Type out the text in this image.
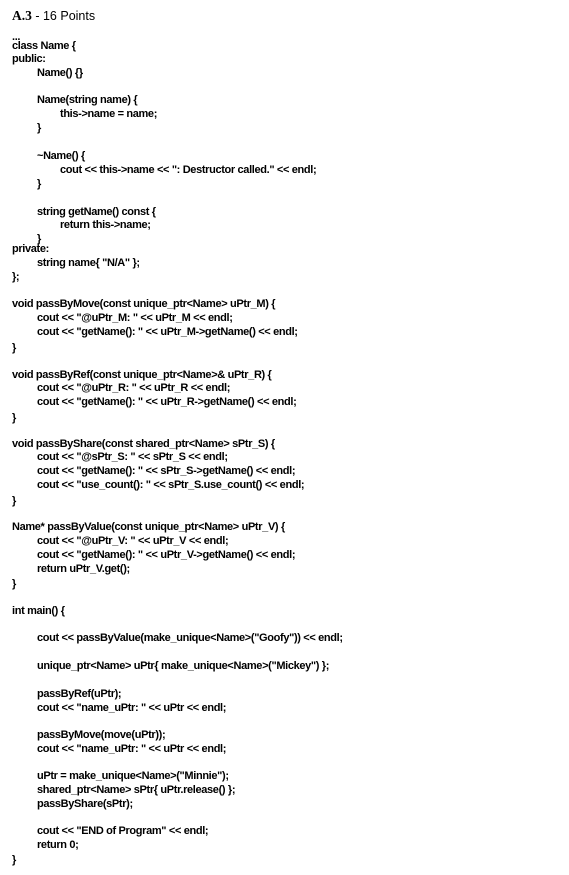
A.3 - 16 Points
...
class Name {
public:
Name() {}
Name(string name) {
this->name = name;
}
~Name() {
cout << this->name << ": Destructor called." << endl;
}
string getName() const {
return this->name;
}
private:
string name{ "N/A" };
};
void passByMove(const unique_ptr<Name> uPtr_M) {
cout << "@uPtr_M: " << uPtr_M << endl;
cout << "getName(): " << uPtr_M->getName() << endl;
}
void passByRef(const unique_ptr<Name>& uPtr_R) {
cout << "@uPtr_R: " << uPtr_R << endl;
cout << "getName(): " << uPtr_R->getName() << endl;
}
void passByShare(const shared_ptr<Name> sPtr_S) {
cout << "@sPtr_S: " << sPtr_S << endl;
cout << "getName(): " << sPtr_S->getName() << endl;
cout << "use_count(): " << sPtr_S.use_count() << endl;
}
Name* passByValue(const unique_ptr<Name> uPtr_V) {
cout << "@uPtr_V: " << uPtr_V << endl;
cout << "getName(): " << uPtr_V->getName() << endl;
return uPtr_V.get();
}
int main() {
cout << passByValue(make_unique<Name>("Goofy")) << endl;
unique_ptr<Name> uPtr{ make_unique<Name>("Mickey") };
passByRef(uPtr);
cout << "name_uPtr: " << uPtr << endl;
passByMove(move(uPtr));
cout << "name_uPtr: " << uPtr << endl;
uPtr = make_unique<Name>("Minnie");
shared_ptr<Name> sPtr{ uPtr.release() };
passByShare(sPtr);
cout << "END of Program" << endl;
return 0;
}
